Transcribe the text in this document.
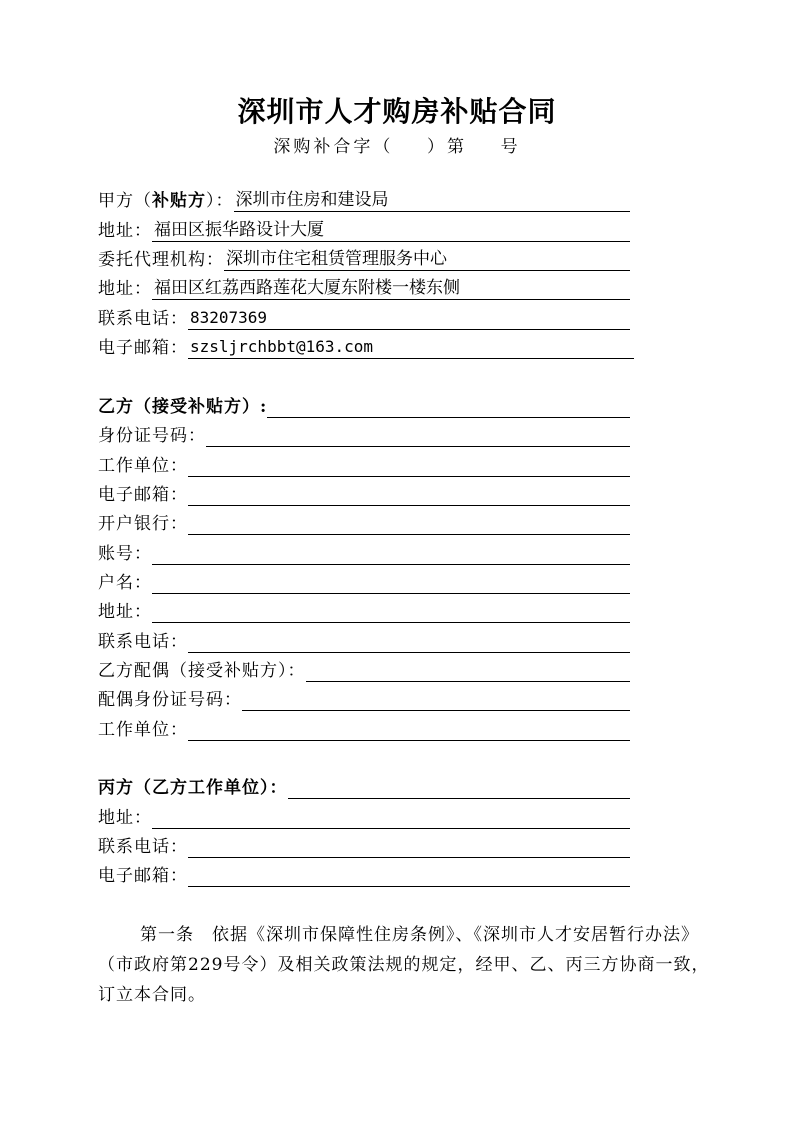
深圳市人才购房补贴合同
深购补合字（    ）第    号
甲方（ 补贴方 ）： 深圳市住房和建设局
地址： 福田区振华路设计大厦
委托代理机构： 深圳市住宅租赁管理服务中心
地址： 福田区红荔西路莲花大厦东附楼一楼东侧
联系电话： 83207369
电子邮箱： szsljrchbbt@163.com
乙方（接受补贴方）:
身份证号码：
工作单位：
电子邮箱：
开户银行：
账号：
户名：
地址：
联系电话：
乙方配偶（接受补贴方）：
配偶身份证号码：
工作单位：
丙方（乙方工作单位）：
地址：
联系电话：
电子邮箱：
第一条　依据《深圳市保障性住房条例》、《深圳市人才安居暂行办法》（市政府第229号令）及相关政策法规的规定，经甲、乙、丙三方协商一致，订立本合同。
